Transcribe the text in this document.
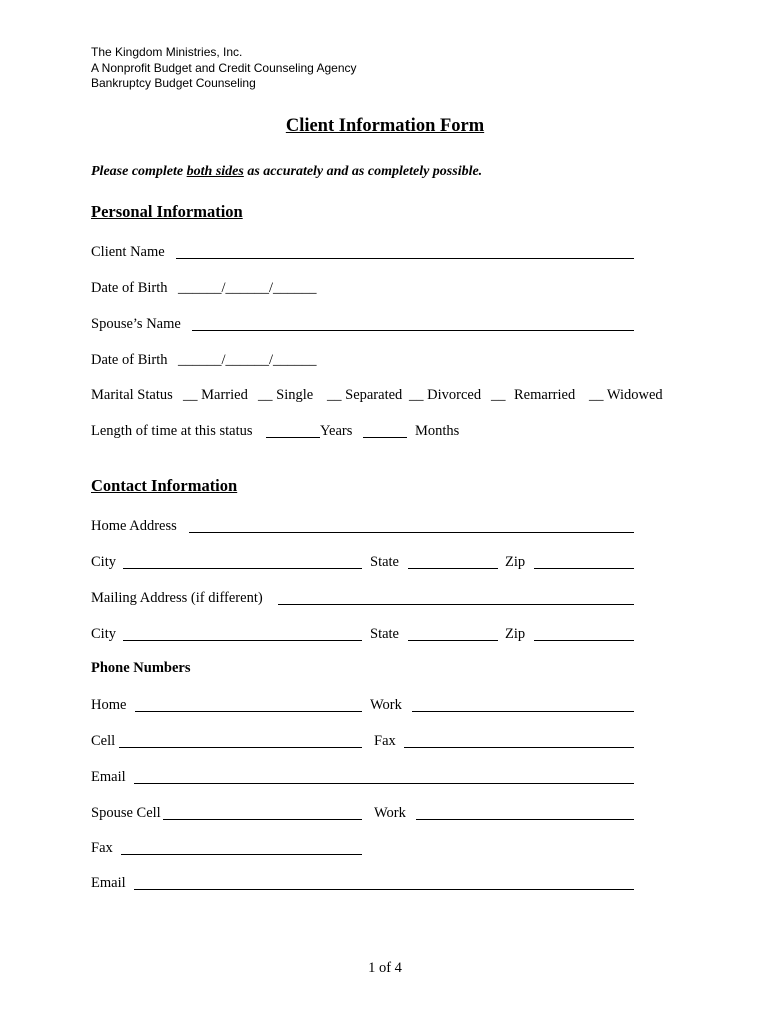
The Kingdom Ministries, Inc.
A Nonprofit Budget and Credit Counseling Agency
Bankruptcy Budget Counseling
Client Information Form
Please complete both sides as accurately and as completely possible.
Personal Information
Client Name
Date of Birth ______/______/______
Spouse’s Name
Date of Birth ______/______/______
Marital Status __ Married __ Single __ Separated __ Divorced __ Remarried __ Widowed
Length of time at this status	Years	Months
Contact Information
Home Address
City	State	Zip
Mailing Address (if different)
City	State	Zip
Phone Numbers
Home	Work
Cell	Fax
Email
Spouse Cell	Work
Fax
Email
1 of 4
